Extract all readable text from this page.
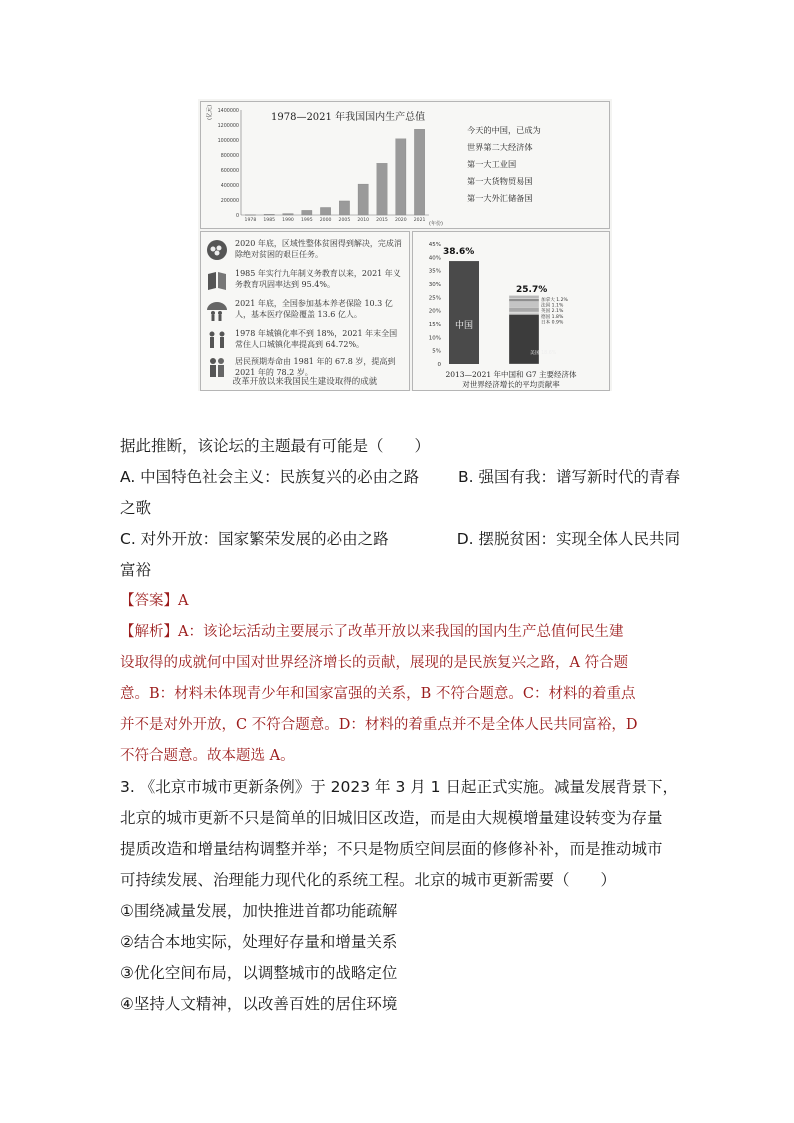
1978—2021 年我国国内生产总值
(亿元)
(年份)
1400000
1200000
1000000
800000
600000
400000
200000
0
1978 1985 1990 1995 2000 2005 2010 2015 2020 2021
今天的中国，已成为
世界第二大经济体
第一大工业国
第一大货物贸易国
第一大外汇储备国
2020 年底，区域性整体贫困得到解决，完成消除绝对贫困的艰巨任务。
1985 年实行九年制义务教育以来，2021 年义务教育巩固率达到 95.4%。
2021 年底，全国参加基本养老保险 10.3 亿人，基本医疗保险覆盖 13.6 亿人。
1978 年城镇化率不到 18%，2021 年末全国常住人口城镇化率提高到 64.72%。
居民预期寿命由 1981 年的 67.8 岁，提高到 2021 年的 78.2 岁。
改革开放以来我国民生建设取得的成就
45%
40%
35%
30%
25%
20%
15%
10%
5%
0
中国
38.6%
25.7%
加拿大 1.2%
法国 1.1%
英国 2.1%
德国 1.8%
日本 0.9%
美国 18.6%
2013—2021 年中国和 G7 主要经济体
对世界经济增长的平均贡献率
据此推断，该论坛的主题最有可能是（　　）
A. 中国特色社会主义：民族复兴的必由之路	B. 强国有我：谱写新时代的青春
之歌
C. 对外开放：国家繁荣发展的必由之路	D. 摆脱贫困：实现全体人民共同
富裕
【答案】A
【解析】A：该论坛活动主要展示了改革开放以来我国的国内生产总值何民生建
设取得的成就何中国对世界经济增长的贡献，展现的是民族复兴之路，A 符合题
意。B：材料未体现青少年和国家富强的关系，B 不符合题意。C：材料的着重点
并不是对外开放，C 不符合题意。D：材料的着重点并不是全体人民共同富裕，D
不符合题意。故本题选 A。
3. 《北京市城市更新条例》于 2023 年 3 月 1 日起正式实施。减量发展背景下，
北京的城市更新不只是简单的旧城旧区改造，而是由大规模增量建设转变为存量
提质改造和增量结构调整并举；不只是物质空间层面的修修补补，而是推动城市
可持续发展、治理能力现代化的系统工程。北京的城市更新需要（　　）
①围绕减量发展，加快推进首都功能疏解
②结合本地实际，处理好存量和增量关系
③优化空间布局，以调整城市的战略定位
④坚持人文精神，以改善百姓的居住环境
